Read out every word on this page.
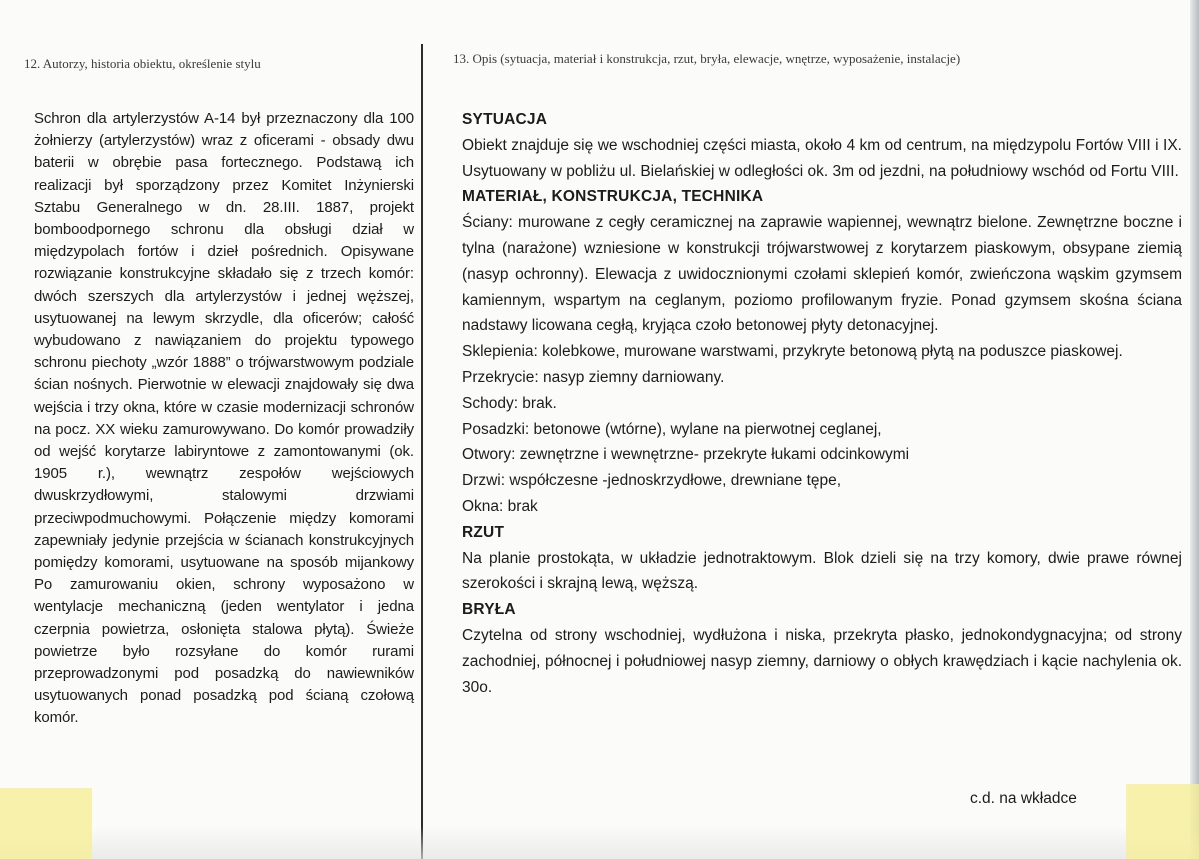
12. Autorzy, historia obiektu, określenie stylu	13. Opis (sytuacja, materiał i konstrukcja, rzut, bryła, elewacje, wnętrze, wyposażenie, instalacje)

Schron dla artylerzystów A-14 był przeznaczony dla 100 żołnierzy (artylerzystów) wraz z oficerami - obsady dwu baterii w obrębie pasa fortecznego. Podstawą ich realizacji był sporządzony przez Komitet Inżynierski Sztabu Generalnego w dn. 28.III. 1887, projekt bomboodpornego schronu dla obsługi dział w międzypolach fortów i dzieł pośrednich. Opisywane rozwiązanie konstrukcyjne składało się z trzech komór: dwóch szerszych dla artylerzystów i jednej węższej, usytuowanej na lewym skrzydle, dla oficerów; całość wybudowano z nawiązaniem do projektu typowego schronu piechoty „wzór 1888” o trójwarstwowym podziale ścian nośnych. Pierwotnie w elewacji znajdowały się dwa wejścia i trzy okna, które w czasie modernizacji schronów na pocz. XX wieku zamurowywano. Do komór prowadziły od wejść korytarze labiryntowe z zamontowanymi (ok. 1905 r.), wewnątrz zespołów wejściowych dwuskrzydłowymi, stalowymi drzwiami przeciwpodmuchowymi. Połączenie między komorami zapewniały jedynie przejścia w ścianach konstrukcyjnych pomiędzy komorami, usytuowane na sposób mijankowy Po zamurowaniu okien, schrony wyposażono w wentylacje mechaniczną (jeden wentylator i jedna czerpnia powietrza, osłonięta stalowa płytą). Świeże powietrze było rozsyłane do komór rurami przeprowadzonymi pod posadzką do nawiewników usytuowanych ponad posadzką pod ścianą czołową komór.

SYTUACJA
Obiekt znajduje się we wschodniej części miasta, około 4 km od centrum, na międzypolu Fortów VIII i IX. Usytuowany w pobliżu ul. Bielańskiej w odległości ok. 3m od jezdni, na południowy wschód od Fortu VIII.
MATERIAŁ, KONSTRUKCJA, TECHNIKA
Ściany: murowane z cegły ceramicznej na zaprawie wapiennej, wewnątrz bielone. Zewnętrzne boczne i tylna (narażone) wzniesione w konstrukcji trójwarstwowej z korytarzem piaskowym, obsypane ziemią (nasyp ochronny). Elewacja z uwidocznionymi czołami sklepień komór, zwieńczona wąskim gzymsem kamiennym, wspartym na ceglanym, poziomo profilowanym fryzie. Ponad gzymsem skośna ściana nadstawy licowana cegłą, kryjąca czoło betonowej płyty detonacyjnej.
Sklepienia: kolebkowe, murowane warstwami, przykryte betonową płytą na poduszce piaskowej.
Przekrycie: nasyp ziemny darniowany.
Schody: brak.
Posadzki: betonowe (wtórne), wylane na pierwotnej ceglanej,
Otwory: zewnętrzne i wewnętrzne- przekryte łukami odcinkowymi
Drzwi: współczesne -jednoskrzydłowe, drewniane tępe,
Okna: brak
RZUT
Na planie prostokąta, w układzie jednotraktowym. Blok dzieli się na trzy komory, dwie prawe równej szerokości i skrajną lewą, węższą.
BRYŁA
Czytelna od strony wschodniej, wydłużona i niska, przekryta płasko, jednokondygnacyjna; od strony zachodniej, północnej i południowej nasyp ziemny, darniowy o obłych krawędziach i kącie nachylenia ok. 30o.
c.d. na wkładce
